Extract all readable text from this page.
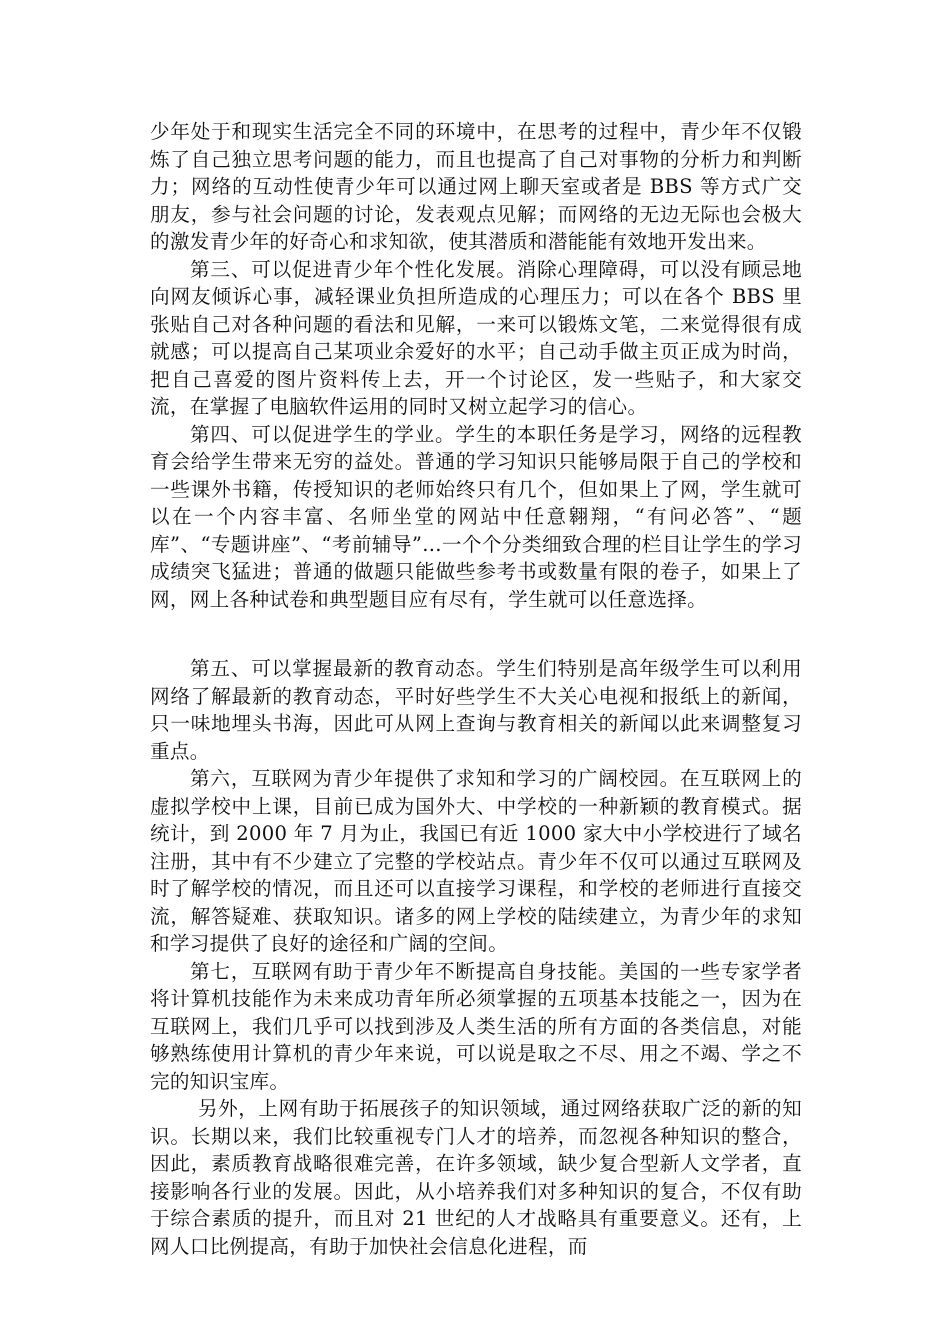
少年处于和现实生活完全不同的环境中，在思考的过程中，青少年不仅锻炼了自己独立思考问题的能力，而且也提高了自己对事物的分析力和判断力；网络的互动性使青少年可以通过网上聊天室或者是 BBS 等方式广交朋友，参与社会问题的讨论，发表观点见解；而网络的无边无际也会极大的激发青少年的好奇心和求知欲，使其潜质和潜能能有效地开发出来。

第三、可以促进青少年个性化发展。消除心理障碍，可以没有顾忌地向网友倾诉心事，减轻课业负担所造成的心理压力；可以在各个 BBS 里张贴自己对各种问题的看法和见解，一来可以锻炼文笔，二来觉得很有成就感；可以提高自己某项业余爱好的水平；自己动手做主页正成为时尚，把自己喜爱的图片资料传上去，开一个讨论区，发一些贴子，和大家交流，在掌握了电脑软件运用的同时又树立起学习的信心。

第四、可以促进学生的学业。学生的本职任务是学习，网络的远程教育会给学生带来无穷的益处。普通的学习知识只能够局限于自己的学校和一些课外书籍，传授知识的老师始终只有几个，但如果上了网，学生就可以在一个内容丰富、名师坐堂的网站中任意翱翔，“有问必答”、“题库”、“专题讲座”、“考前辅导”...一个个分类细致合理的栏目让学生的学习成绩突飞猛进；普通的做题只能做些参考书或数量有限的卷子，如果上了网，网上各种试卷和典型题目应有尽有，学生就可以任意选择。

第五、可以掌握最新的教育动态。学生们特别是高年级学生可以利用网络了解最新的教育动态，平时好些学生不大关心电视和报纸上的新闻，只一味地埋头书海，因此可从网上查询与教育相关的新闻以此来调整复习重点。

第六，互联网为青少年提供了求知和学习的广阔校园。在互联网上的虚拟学校中上课，目前已成为国外大、中学校的一种新颖的教育模式。据统计，到 2000 年 7 月为止，我国已有近 1000 家大中小学校进行了域名注册，其中有不少建立了完整的学校站点。青少年不仅可以通过互联网及时了解学校的情况，而且还可以直接学习课程，和学校的老师进行直接交流，解答疑难、获取知识。诸多的网上学校的陆续建立，为青少年的求知和学习提供了良好的途径和广阔的空间。

第七，互联网有助于青少年不断提高自身技能。美国的一些专家学者将计算机技能作为未来成功青年所必须掌握的五项基本技能之一，因为在互联网上，我们几乎可以找到涉及人类生活的所有方面的各类信息，对能够熟练使用计算机的青少年来说，可以说是取之不尽、用之不竭、学之不完的知识宝库。

另外，上网有助于拓展孩子的知识领域，通过网络获取广泛的新的知识。长期以来，我们比较重视专门人才的培养，而忽视各种知识的整合，因此，素质教育战略很难完善，在许多领域，缺少复合型新人文学者，直接影响各行业的发展。因此，从小培养我们对多种知识的复合，不仅有助于综合素质的提升，而且对 21 世纪的人才战略具有重要意义。还有，上网人口比例提高，有助于加快社会信息化进程，而
